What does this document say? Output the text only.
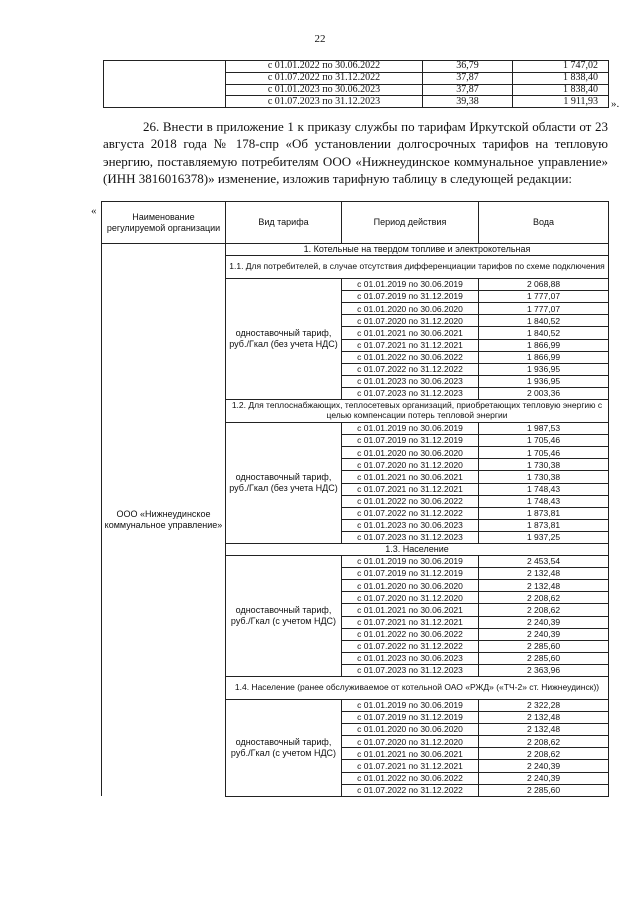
22
	с 01.01.2022 по 30.06.2022	36,79	1 747,02
	с 01.07.2022 по 31.12.2022	37,87	1 838,40
	с 01.01.2023 по 30.06.2023	37,87	1 838,40
	с 01.07.2023 по 31.12.2023	39,38	1 911,93 ».
26. Внести в приложение 1 к приказу службы по тарифам Иркутской области от 23 августа 2018 года № 178-спр «Об установлении долгосрочных тарифов на тепловую энергию, поставляемую потребителям ООО «Нижнеудинское коммунальное управление» (ИНН 3816016378)» изменение, изложив тарифную таблицу в следующей редакции:
«
Наименование регулируемой организации	Вид тарифа	Период действия	Вода
ООО «Нижнеудинское коммунальное управление»	1. Котельные на твердом топливе и электрокотельная		
	1.1. Для потребителей, в случае отсутствия дифференциации тарифов по схеме подключения		
	одноставочный тариф, руб./Гкал (без учета НДС)	с 01.01.2019 по 30.06.2019	2 068,88
		с 01.07.2019 по 31.12.2019	1 777,07
		с 01.01.2020 по 30.06.2020	1 777,07
		с 01.07.2020 по 31.12.2020	1 840,52
		с 01.01.2021 по 30.06.2021	1 840,52
		с 01.07.2021 по 31.12.2021	1 866,99
		с 01.01.2022 по 30.06.2022	1 866,99
		с 01.07.2022 по 31.12.2022	1 936,95
		с 01.01.2023 по 30.06.2023	1 936,95
		с 01.07.2023 по 31.12.2023	2 003,36
	1.2. Для теплоснабжающих, теплосетевых организаций, приобретающих тепловую энергию с целью компенсации потерь тепловой энергии		
	одноставочный тариф, руб./Гкал (без учета НДС)	с 01.01.2019 по 30.06.2019	1 987,53
		с 01.07.2019 по 31.12.2019	1 705,46
		с 01.01.2020 по 30.06.2020	1 705,46
		с 01.07.2020 по 31.12.2020	1 730,38
		с 01.01.2021 по 30.06.2021	1 730,38
		с 01.07.2021 по 31.12.2021	1 748,43
		с 01.01.2022 по 30.06.2022	1 748,43
		с 01.07.2022 по 31.12.2022	1 873,81
		с 01.01.2023 по 30.06.2023	1 873,81
		с 01.07.2023 по 31.12.2023	1 937,25
	1.3. Население		
	одноставочный тариф, руб./Гкал (с учетом НДС)	с 01.01.2019 по 30.06.2019	2 453,54
		с 01.07.2019 по 31.12.2019	2 132,48
		с 01.01.2020 по 30.06.2020	2 132,48
		с 01.07.2020 по 31.12.2020	2 208,62
		с 01.01.2021 по 30.06.2021	2 208,62
		с 01.07.2021 по 31.12.2021	2 240,39
		с 01.01.2022 по 30.06.2022	2 240,39
		с 01.07.2022 по 31.12.2022	2 285,60
		с 01.01.2023 по 30.06.2023	2 285,60
		с 01.07.2023 по 31.12.2023	2 363,96
	1.4. Население (ранее обслуживаемое от котельной ОАО «РЖД» («ТЧ-2» ст. Нижнеудинск))		
	одноставочный тариф, руб./Гкал (с учетом НДС)	с 01.01.2019 по 30.06.2019	2 322,28
		с 01.07.2019 по 31.12.2019	2 132,48
		с 01.01.2020 по 30.06.2020	2 132,48
		с 01.07.2020 по 31.12.2020	2 208,62
		с 01.01.2021 по 30.06.2021	2 208,62
		с 01.07.2021 по 31.12.2021	2 240,39
		с 01.01.2022 по 30.06.2022	2 240,39
		с 01.07.2022 по 31.12.2022	2 285,60
